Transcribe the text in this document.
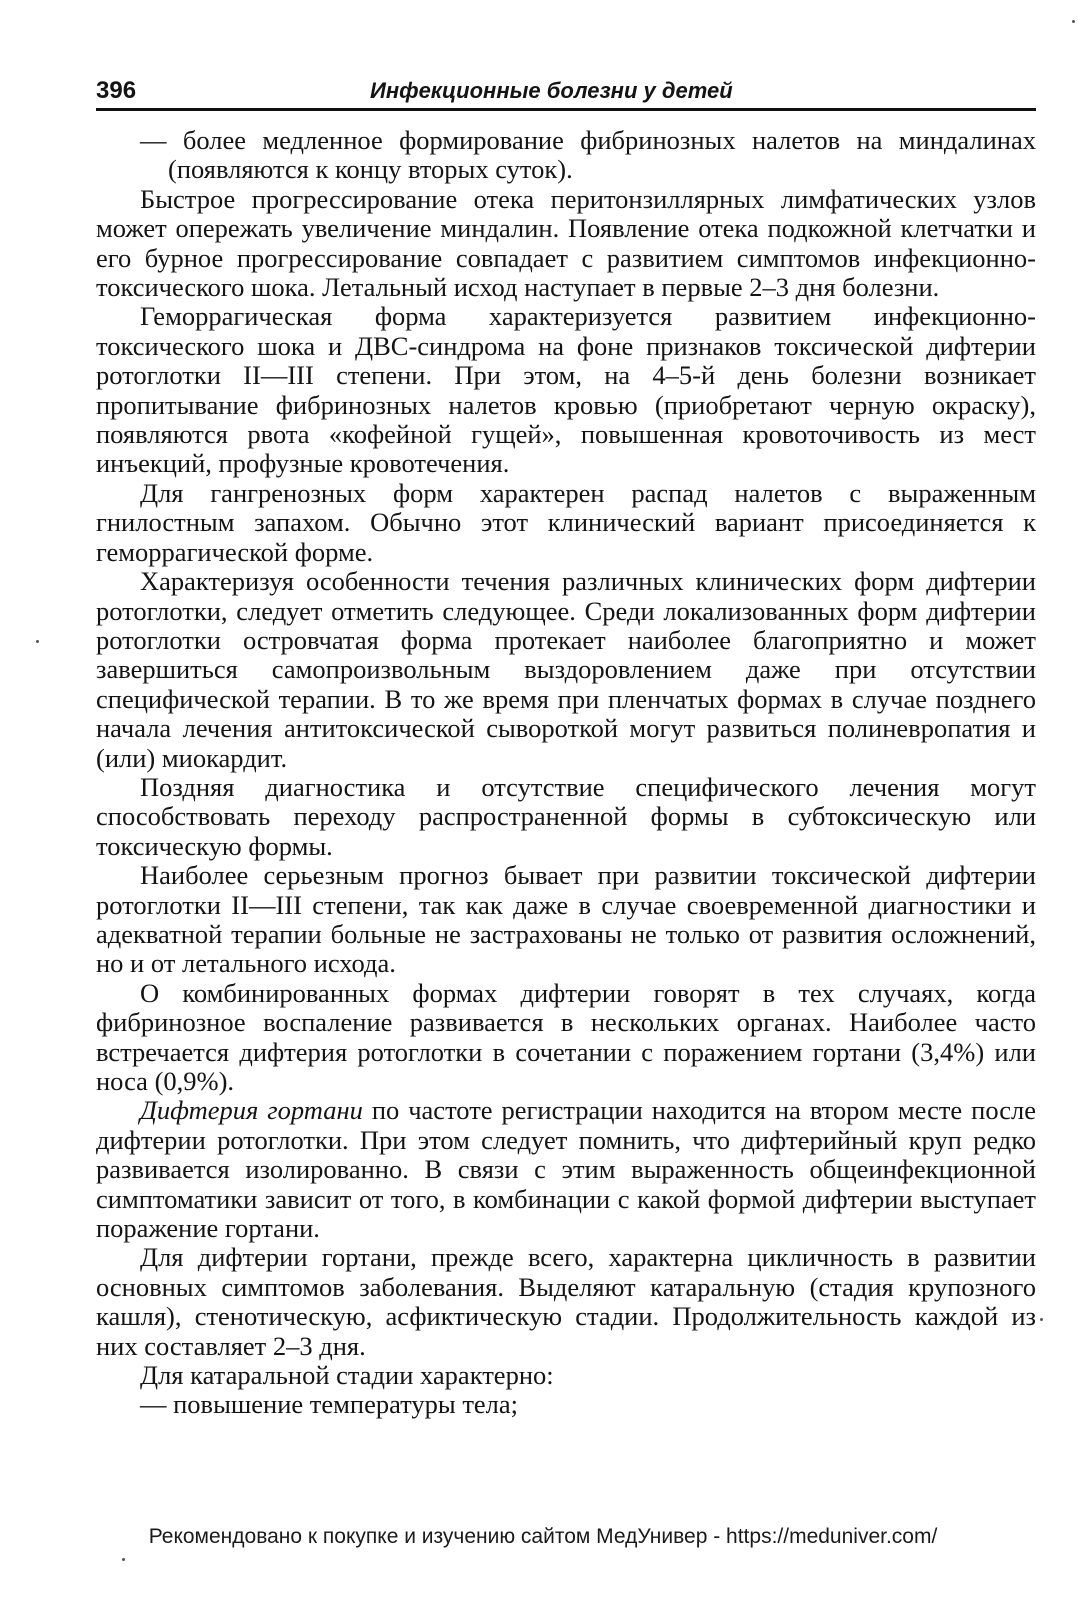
396	Инфекционные болезни у детей

— более медленное формирование фибринозных налетов на миндалинах (появляются к концу вторых суток).

Быстрое прогрессирование отека перитонзиллярных лимфатических узлов может опережать увеличение миндалин. Появление отека подкожной клетчатки и его бурное прогрессирование совпадает с развитием симптомов инфекционно-токсического шока. Летальный исход наступает в первые 2–3 дня болезни.

Геморрагическая форма характеризуется развитием инфекционно-токсического шока и ДВС-синдрома на фоне признаков токсической дифтерии ротоглотки II—III степени. При этом, на 4–5-й день болезни возникает пропитывание фибринозных налетов кровью (приобретают черную окраску), появляются рвота «кофейной гущей», повышенная кровоточивость из мест инъекций, профузные кровотечения.

Для гангренозных форм характерен распад налетов с выраженным гнилостным запахом. Обычно этот клинический вариант присоединяется к геморрагической форме.

Характеризуя особенности течения различных клинических форм дифтерии ротоглотки, следует отметить следующее. Среди локализованных форм дифтерии ротоглотки островчатая форма протекает наиболее благоприятно и может завершиться самопроизвольным выздоровлением даже при отсутствии специфической терапии. В то же время при пленчатых формах в случае позднего начала лечения антитоксической сывороткой могут развиться полиневропатия и (или) миокардит.

Поздняя диагностика и отсутствие специфического лечения могут способствовать переходу распространенной формы в субтоксическую или токсическую формы.

Наиболее серьезным прогноз бывает при развитии токсической дифтерии ротоглотки II—III степени, так как даже в случае своевременной диагностики и адекватной терапии больные не застрахованы не только от развития осложнений, но и от летального исхода.

О комбинированных формах дифтерии говорят в тех случаях, когда фибринозное воспаление развивается в нескольких органах. Наиболее часто встречается дифтерия ротоглотки в сочетании с поражением гортани (3,4%) или носа (0,9%).

Дифтерия гортани по частоте регистрации находится на втором месте после дифтерии ротоглотки. При этом следует помнить, что дифтерийный круп редко развивается изолированно. В связи с этим выраженность общеинфекционной симптоматики зависит от того, в комбинации с какой формой дифтерии выступает поражение гортани.

Для дифтерии гортани, прежде всего, характерна цикличность в развитии основных симптомов заболевания. Выделяют катаральную (стадия крупозного кашля), стенотическую, асфиктическую стадии. Продолжительность каждой из них составляет 2–3 дня.

Для катаральной стадии характерно:

— повышение температуры тела;

Рекомендовано к покупке и изучению сайтом МедУнивер - https://meduniver.com/
